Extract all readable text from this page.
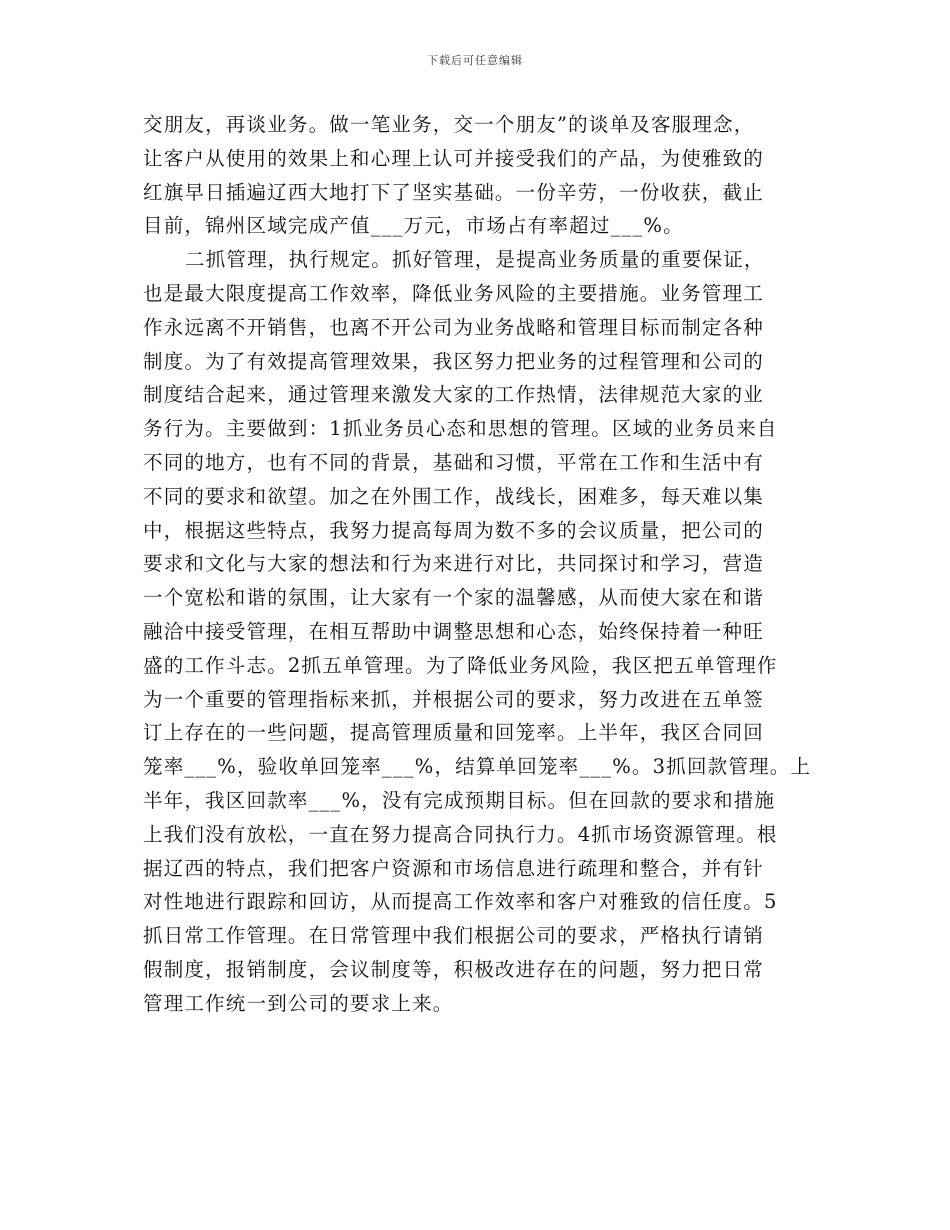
下载后可任意编辑
交朋友，再谈业务。做一笔业务，交一个朋友”的谈单及客服理念，
让客户从使用的效果上和心理上认可并接受我们的产品，为使雅致的
红旗早日插遍辽西大地打下了坚实基础。一份辛劳，一份收获，截止
目前，锦州区域完成产值___万元，市场占有率超过___%。
二抓管理，执行规定。抓好管理，是提高业务质量的重要保证，
也是最大限度提高工作效率，降低业务风险的主要措施。业务管理工
作永远离不开销售，也离不开公司为业务战略和管理目标而制定各种
制度。为了有效提高管理效果，我区努力把业务的过程管理和公司的
制度结合起来，通过管理来激发大家的工作热情，法律规范大家的业
务行为。主要做到：1抓业务员心态和思想的管理。区域的业务员来自
不同的地方，也有不同的背景，基础和习惯，平常在工作和生活中有
不同的要求和欲望。加之在外围工作，战线长，困难多，每天难以集
中，根据这些特点，我努力提高每周为数不多的会议质量，把公司的
要求和文化与大家的想法和行为来进行对比，共同探讨和学习，营造
一个宽松和谐的氛围，让大家有一个家的温馨感，从而使大家在和谐
融洽中接受管理，在相互帮助中调整思想和心态，始终保持着一种旺
盛的工作斗志。2抓五单管理。为了降低业务风险，我区把五单管理作
为一个重要的管理指标来抓，并根据公司的要求，努力改进在五单签
订上存在的一些问题，提高管理质量和回笼率。上半年，我区合同回
笼率___%，验收单回笼率___%，结算单回笼率___%。3抓回款管理。上
半年，我区回款率___%，没有完成预期目标。但在回款的要求和措施
上我们没有放松，一直在努力提高合同执行力。4抓市场资源管理。根
据辽西的特点，我们把客户资源和市场信息进行疏理和整合，并有针
对性地进行跟踪和回访，从而提高工作效率和客户对雅致的信任度。5
抓日常工作管理。在日常管理中我们根据公司的要求，严格执行请销
假制度，报销制度，会议制度等，积极改进存在的问题，努力把日常
管理工作统一到公司的要求上来。
